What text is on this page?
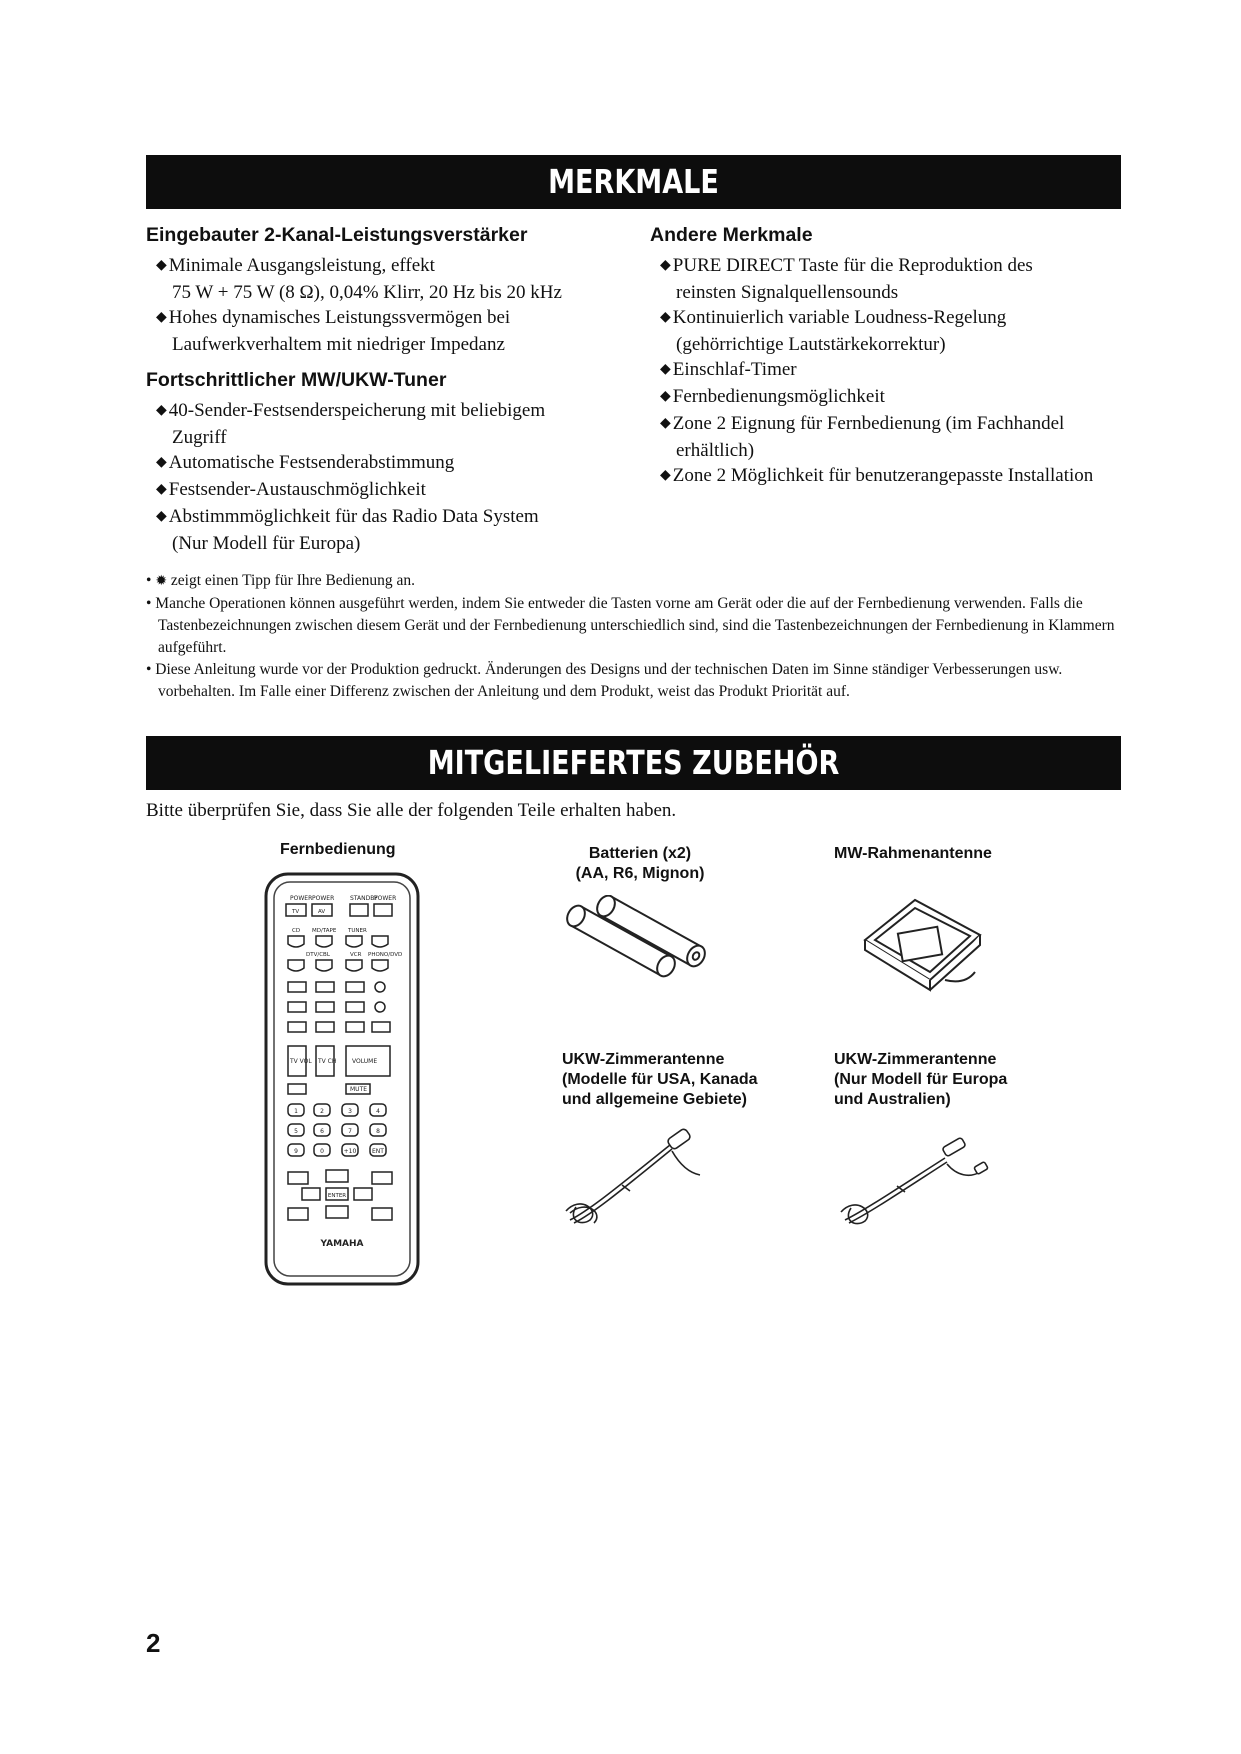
MERKMALE
Eingebauter 2-Kanal-Leistungsverstärker
◆ Minimale Ausgangsleistung, effekt
75 W + 75 W (8 Ω), 0,04% Klirr, 20 Hz bis 20 kHz
◆ Hohes dynamisches Leistungssvermögen bei
Laufwerkverhaltem mit niedriger Impedanz
Fortschrittlicher MW/UKW-Tuner
◆ 40-Sender-Festsenderspeicherung mit beliebigem
Zugriff
◆ Automatische Festsenderabstimmung
◆ Festsender-Austauschmöglichkeit
◆ Abstimmmöglichkeit für das Radio Data System
(Nur Modell für Europa)
Andere Merkmale
◆ PURE DIRECT Taste für die Reproduktion des
reinsten Signalquellensounds
◆ Kontinuierlich variable Loudness-Regelung
(gehörrichtige Lautstärkekorrektur)
◆ Einschlaf-Timer
◆ Fernbedienungsmöglichkeit
◆ Zone 2 Eignung für Fernbedienung (im Fachhandel
erhältlich)
◆ Zone 2 Möglichkeit für benutzerangepasste Installation
• ✹ zeigt einen Tipp für Ihre Bedienung an.
• Manche Operationen können ausgeführt werden, indem Sie entweder die Tasten vorne am Gerät oder die auf der Fernbedienung verwenden. Falls die Tastenbezeichnungen zwischen diesem Gerät und der Fernbedienung unterschiedlich sind, sind die Tastenbezeichnungen der Fernbedienung in Klammern aufgeführt.
• Diese Anleitung wurde vor der Produktion gedruckt. Änderungen des Designs und der technischen Daten im Sinne ständiger Verbesserungen usw. vorbehalten. Im Falle einer Differenz zwischen der Anleitung und dem Produkt, weist das Produkt Priorität auf.
MITGELIEFERTES ZUBEHÖR
Bitte überprüfen Sie, dass Sie alle der folgenden Teile erhalten haben.
Fernbedienung	Batterien (x2)
(AA, R6, Mignon)
MW-Rahmenantenne
UKW-Zimmerantenne
(Modelle für USA, Kanada
und allgemeine Gebiete)
UKW-Zimmerantenne
(Nur Modell für Europa
und Australien)
POWER POWER	STANDBY
POWER
TV	AV
CD MD/TAPE TUNER
DTV/CBL	VCR PHONO/DVD
TV VOL TV CH	VOLUME
MUTE
1	2	3	4
5	6	7	8
9	0	+10	ENT
ENTER
YAMAHA
2
